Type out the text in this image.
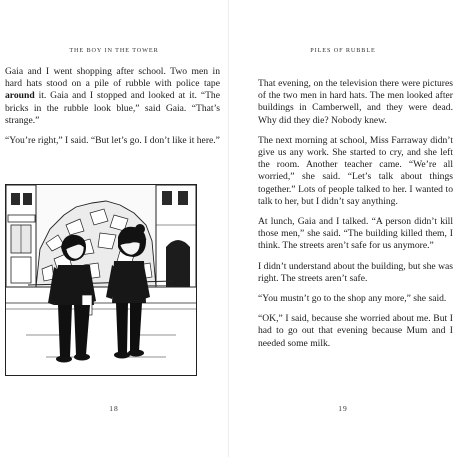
THE BOY IN THE TOWER

Gaia and I went shopping after school. Two men in hard hats stood on a pile of rubble with police tape around it. Gaia and I stopped and looked at it. “The bricks in the rubble look blue,” said Gaia. “That’s strange.”

“You’re right,” I said. “But let’s go. I don’t like it here.”

18
PILES OF RUBBLE

That evening, on the television there were pictures of the two men in hard hats. The men looked after buildings in Camberwell, and they were dead. Why did they die? Nobody knew.

The next morning at school, Miss Farraway didn’t give us any work. She started to cry, and she left the room. Another teacher came. “We’re all worried,” she said. “Let’s talk about things together.” Lots of people talked to her. I wanted to talk to her, but I didn’t say anything.

At lunch, Gaia and I talked. “A person didn’t kill those men,” she said. “The building killed them, I think. The streets aren’t safe for us anymore.”

I didn’t understand about the building, but she was right. The streets aren’t safe.

“You mustn’t go to the shop any more,” she said.

“OK,” I said, because she worried about me. But I had to go out that evening because Mum and I needed some milk.

19
